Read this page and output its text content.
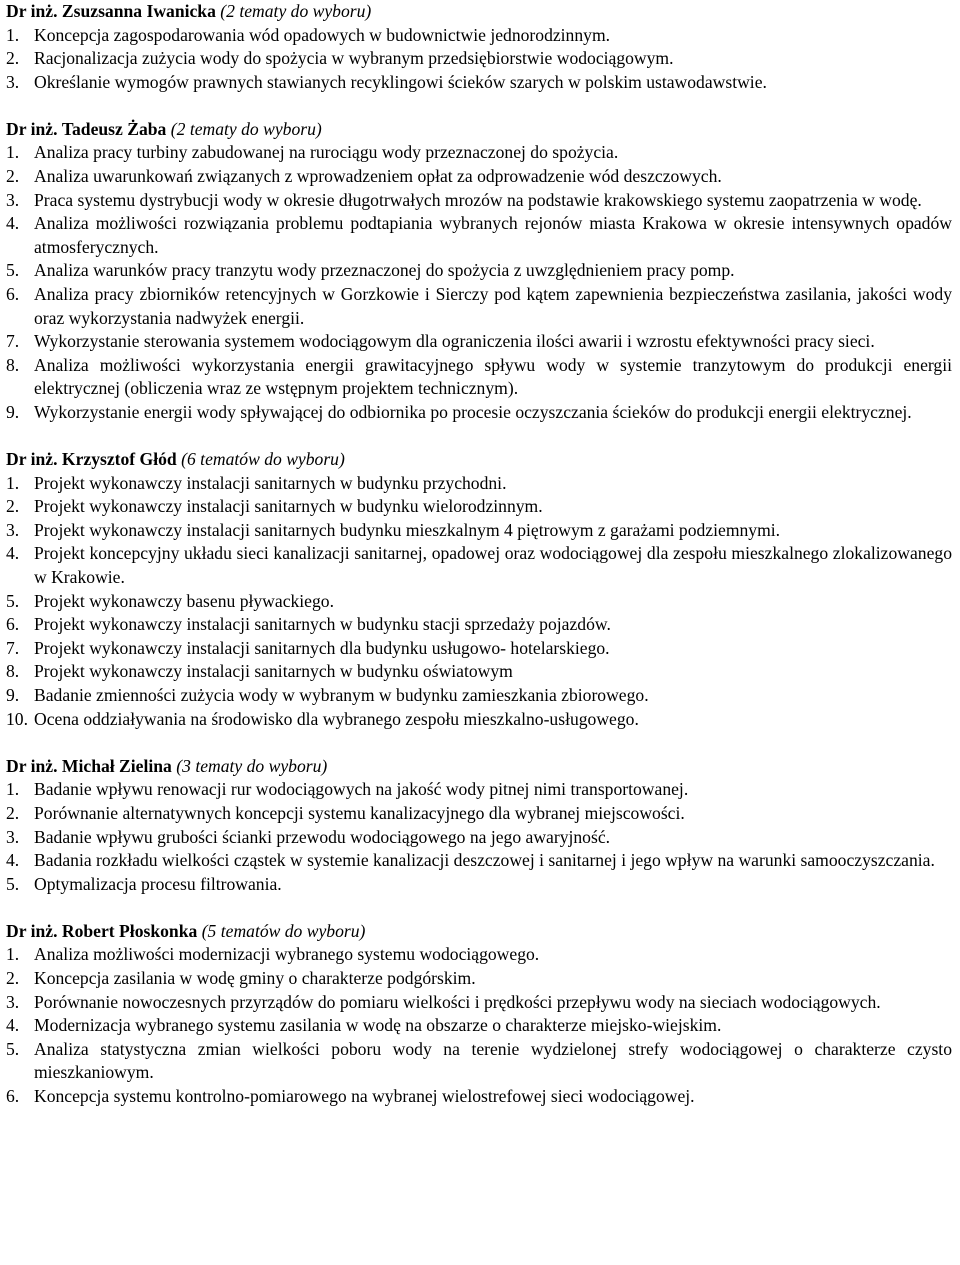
Dr inż. Zsuzsanna Iwanicka (2 tematy do wyboru)

1. Koncepcja zagospodarowania wód opadowych w budownictwie jednorodzinnym.
2. Racjonalizacja zużycia wody do spożycia w wybranym przedsiębiorstwie wodociągowym.
3. Określanie wymogów prawnych stawianych recyklingowi ścieków szarych w polskim ustawodawstwie.

Dr inż. Tadeusz Żaba (2 tematy do wyboru)

1. Analiza pracy turbiny zabudowanej na rurociągu wody przeznaczonej do spożycia.
2. Analiza uwarunkowań związanych z wprowadzeniem opłat za odprowadzenie wód deszczowych.
3. Praca systemu dystrybucji wody w okresie długotrwałych mrozów na podstawie krakowskiego systemu zaopatrzenia w wodę.
4. Analiza możliwości rozwiązania problemu podtapiania wybranych rejonów miasta Krakowa w okresie intensywnych opadów atmosferycznych.
5. Analiza warunków pracy tranzytu wody przeznaczonej do spożycia z uwzględnieniem pracy pomp.
6. Analiza pracy zbiorników retencyjnych w Gorzkowie i Sierczy pod kątem zapewnienia bezpieczeństwa zasilania, jakości wody oraz wykorzystania nadwyżek energii.
7. Wykorzystanie sterowania systemem wodociągowym dla ograniczenia ilości awarii i wzrostu efektywności pracy sieci.
8. Analiza możliwości wykorzystania energii grawitacyjnego spływu wody w systemie tranzytowym do produkcji energii elektrycznej (obliczenia wraz ze wstępnym projektem technicznym).
9. Wykorzystanie energii wody spływającej do odbiornika po procesie oczyszczania ścieków do produkcji energii elektrycznej.

Dr inż. Krzysztof Głód (6 tematów do wyboru)

1. Projekt wykonawczy instalacji sanitarnych w budynku przychodni.
2. Projekt wykonawczy instalacji sanitarnych w budynku wielorodzinnym.
3. Projekt wykonawczy instalacji sanitarnych budynku mieszkalnym 4 piętrowym z garażami podziemnymi.
4. Projekt koncepcyjny układu sieci kanalizacji sanitarnej, opadowej oraz wodociągowej dla zespołu mieszkalnego zlokalizowanego w Krakowie.
5. Projekt wykonawczy basenu pływackiego.
6. Projekt wykonawczy instalacji sanitarnych w budynku stacji sprzedaży pojazdów.
7. Projekt wykonawczy instalacji sanitarnych dla budynku usługowo- hotelarskiego.
8. Projekt wykonawczy instalacji sanitarnych w budynku oświatowym
9. Badanie zmienności zużycia wody w wybranym w budynku zamieszkania zbiorowego.
10. Ocena oddziaływania na środowisko dla wybranego zespołu mieszkalno-usługowego.

Dr inż. Michał Zielina (3 tematy do wyboru)

1. Badanie wpływu renowacji rur wodociągowych na jakość wody pitnej nimi transportowanej.
2. Porównanie alternatywnych koncepcji systemu kanalizacyjnego dla wybranej miejscowości.
3. Badanie wpływu grubości ścianki przewodu wodociągowego na jego awaryjność.
4. Badania rozkładu wielkości cząstek w systemie kanalizacji deszczowej i sanitarnej i jego wpływ na warunki samooczyszczania.
5. Optymalizacja procesu filtrowania.

Dr inż. Robert Płoskonka (5 tematów do wyboru)

1. Analiza możliwości modernizacji wybranego systemu wodociągowego.
2. Koncepcja zasilania w wodę gminy o charakterze podgórskim.
3. Porównanie nowoczesnych przyrządów do pomiaru wielkości i prędkości przepływu wody na sieciach wodociągowych.
4. Modernizacja wybranego systemu zasilania w wodę na obszarze o charakterze miejsko-wiejskim.
5. Analiza statystyczna zmian wielkości poboru wody na terenie wydzielonej strefy wodociągowej o charakterze czysto mieszkaniowym.
6. Koncepcja systemu kontrolno-pomiarowego na wybranej wielostrefowej sieci wodociągowej.
